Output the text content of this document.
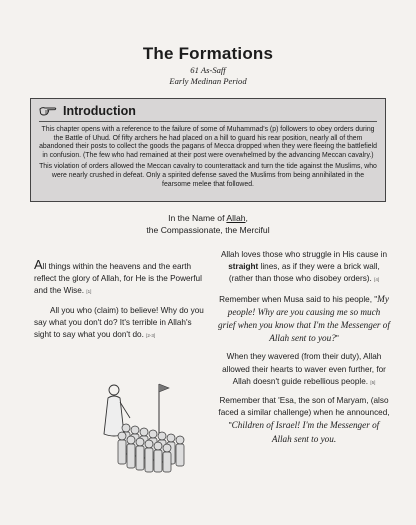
The Formations
61 As-Saff
Early Medinan Period
Introduction

This chapter opens with a reference to the failure of some of Muhammad's (p) followers to obey orders during the Battle of Uhud. Of fifty archers he had placed on a hill to guard his rear position, nearly all of them abandoned their posts to collect the goods the pagans of Mecca dropped when they were fleeing the battlefield in confusion. (The few who had remained at their post were overwhelmed by the advancing Meccan cavalry.)

This violation of orders allowed the Meccan cavalry to counterattack and turn the tide against the Muslims, who were nearly crushed in defeat. Only a spirited defense saved the Muslims from being annihilated in the fearsome melee that followed.

In the Name of Allah,
the Compassionate, the Merciful

All things within the heavens and the earth reflect the glory of Allah, for He is the Powerful and the Wise. [1]

All you who (claim) to believe! Why do you say what you don't do? It's terrible in Allah's sight to say what you don't do. [2-3]

Allah loves those who struggle in His cause in straight lines, as if they were a brick wall, (rather than those who disobey orders). [4]

Remember when Musa said to his people, "My people! Why are you causing me so much grief when you know that I'm the Messenger of Allah sent to you?"

When they wavered (from their duty), Allah allowed their hearts to waver even further, for Allah doesn't guide rebellious people. [5]

Remember that 'Esa, the son of Maryam, (also faced a similar challenge) when he announced, "Children of Israel! I'm the Messenger of Allah sent to you.
